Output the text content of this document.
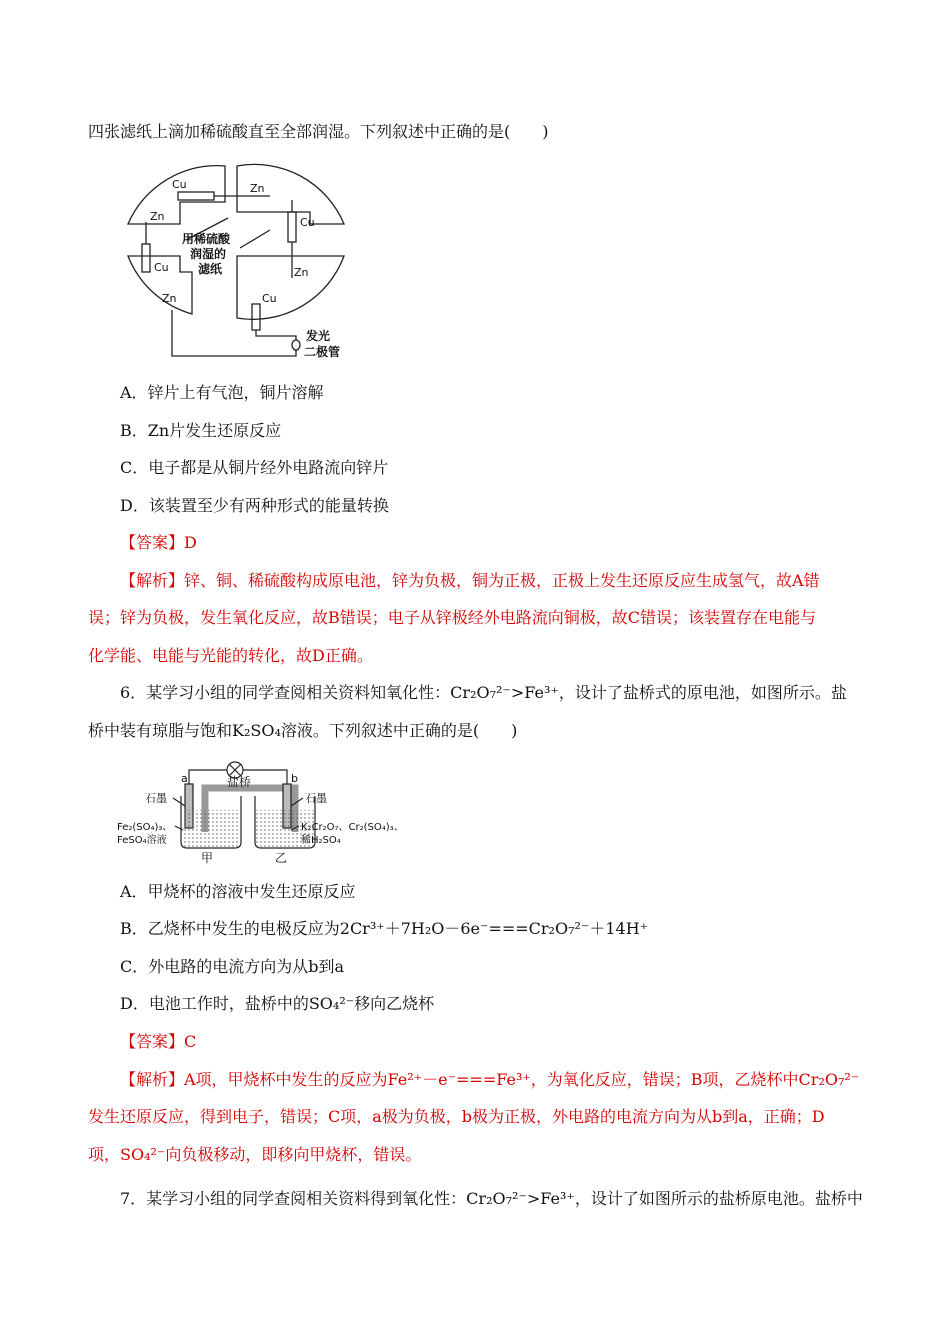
四张滤纸上滴加稀硫酸直至全部润湿。下列叙述中正确的是(　　)
Cu	Zn
Zn	Cu
Cu	Zn
Zn	Cu
用稀硫酸
润湿的
滤纸
发光
二极管
A．锌片上有气泡，铜片溶解
B．Zn片发生还原反应
C．电子都是从铜片经外电路流向锌片
D．该装置至少有两种形式的能量转换
【答案】D
【解析】锌、铜、稀硫酸构成原电池，锌为负极，铜为正极，正极上发生还原反应生成氢气，故A错
误；锌为负极，发生氧化反应，故B错误；电子从锌极经外电路流向铜极，故C错误；该装置存在电能与
化学能、电能与光能的转化，故D正确。
6．某学习小组的同学查阅相关资料知氧化性：Cr₂O₇²⁻>Fe³⁺，设计了盐桥式的原电池，如图所示。盐
桥中装有琼脂与饱和K₂SO₄溶液。下列叙述中正确的是(　　)
a	b
盐桥
石墨	石墨
Fe₂(SO₄)₃、
FeSO₄溶液
K₂Cr₂O₇、Cr₂(SO₄)₃、
稀H₂SO₄
甲	乙
A．甲烧杯的溶液中发生还原反应
B．乙烧杯中发生的电极反应为2Cr³⁺＋7H₂O－6e⁻===Cr₂O₇²⁻＋14H⁺
C．外电路的电流方向为从b到a
D．电池工作时，盐桥中的SO₄²⁻移向乙烧杯
【答案】C
【解析】A项，甲烧杯中发生的反应为Fe²⁺－e⁻===Fe³⁺，为氧化反应，错误；B项，乙烧杯中Cr₂O₇²⁻
发生还原反应，得到电子，错误；C项，a极为负极，b极为正极，外电路的电流方向为从b到a，正确；D
项，SO₄²⁻向负极移动，即移向甲烧杯，错误。
7．某学习小组的同学查阅相关资料得到氧化性：Cr₂O₇²⁻>Fe³⁺，设计了如图所示的盐桥原电池。盐桥中
